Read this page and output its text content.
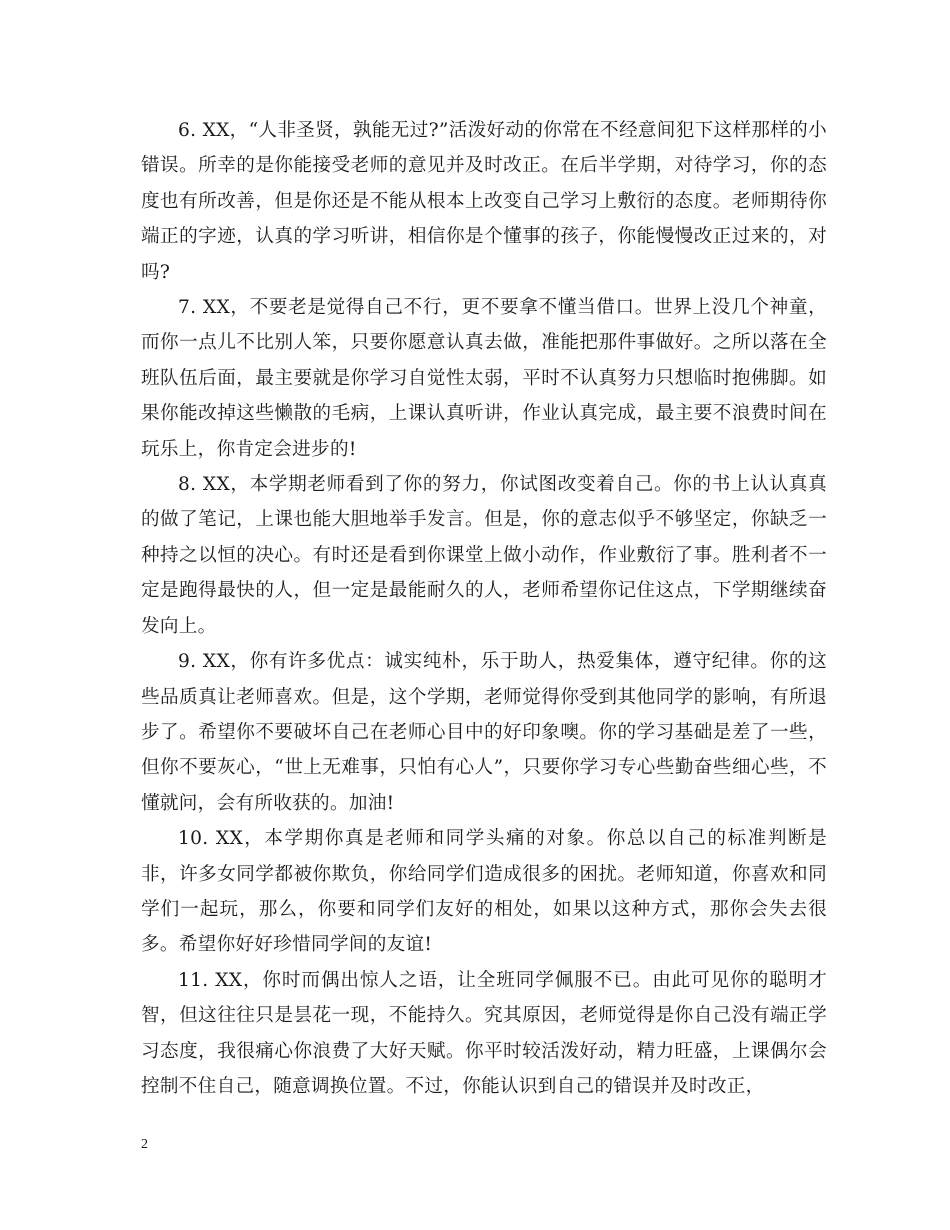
6. XX，“人非圣贤，孰能无过?”活泼好动的你常在不经意间犯下这样那样的小错误。所幸的是你能接受老师的意见并及时改正。在后半学期，对待学习，你的态度也有所改善，但是你还是不能从根本上改变自己学习上敷衍的态度。老师期待你端正的字迹，认真的学习听讲，相信你是个懂事的孩子，你能慢慢改正过来的，对吗?

7. XX，不要老是觉得自己不行，更不要拿不懂当借口。世界上没几个神童，而你一点儿不比别人笨，只要你愿意认真去做，准能把那件事做好。之所以落在全班队伍后面，最主要就是你学习自觉性太弱，平时不认真努力只想临时抱佛脚。如果你能改掉这些懒散的毛病，上课认真听讲，作业认真完成，最主要不浪费时间在玩乐上，你肯定会进步的!

8. XX，本学期老师看到了你的努力，你试图改变着自己。你的书上认认真真的做了笔记，上课也能大胆地举手发言。但是，你的意志似乎不够坚定，你缺乏一种持之以恒的决心。有时还是看到你课堂上做小动作，作业敷衍了事。胜利者不一定是跑得最快的人，但一定是最能耐久的人，老师希望你记住这点，下学期继续奋发向上。

9. XX，你有许多优点：诚实纯朴，乐于助人，热爱集体，遵守纪律。你的这些品质真让老师喜欢。但是，这个学期，老师觉得你受到其他同学的影响，有所退步了。希望你不要破坏自己在老师心目中的好印象噢。你的学习基础是差了一些，但你不要灰心，“世上无难事，只怕有心人”，只要你学习专心些勤奋些细心些，不懂就问，会有所收获的。加油!

10. XX，本学期你真是老师和同学头痛的对象。你总以自己的标准判断是非，许多女同学都被你欺负，你给同学们造成很多的困扰。老师知道，你喜欢和同学们一起玩，那么，你要和同学们友好的相处，如果以这种方式，那你会失去很多。希望你好好珍惜同学间的友谊!

11. XX，你时而偶出惊人之语，让全班同学佩服不已。由此可见你的聪明才智，但这往往只是昙花一现，不能持久。究其原因，老师觉得是你自己没有端正学习态度，我很痛心你浪费了大好天赋。你平时较活泼好动，精力旺盛，上课偶尔会控制不住自己，随意调换位置。不过，你能认识到自己的错误并及时改正，

2
